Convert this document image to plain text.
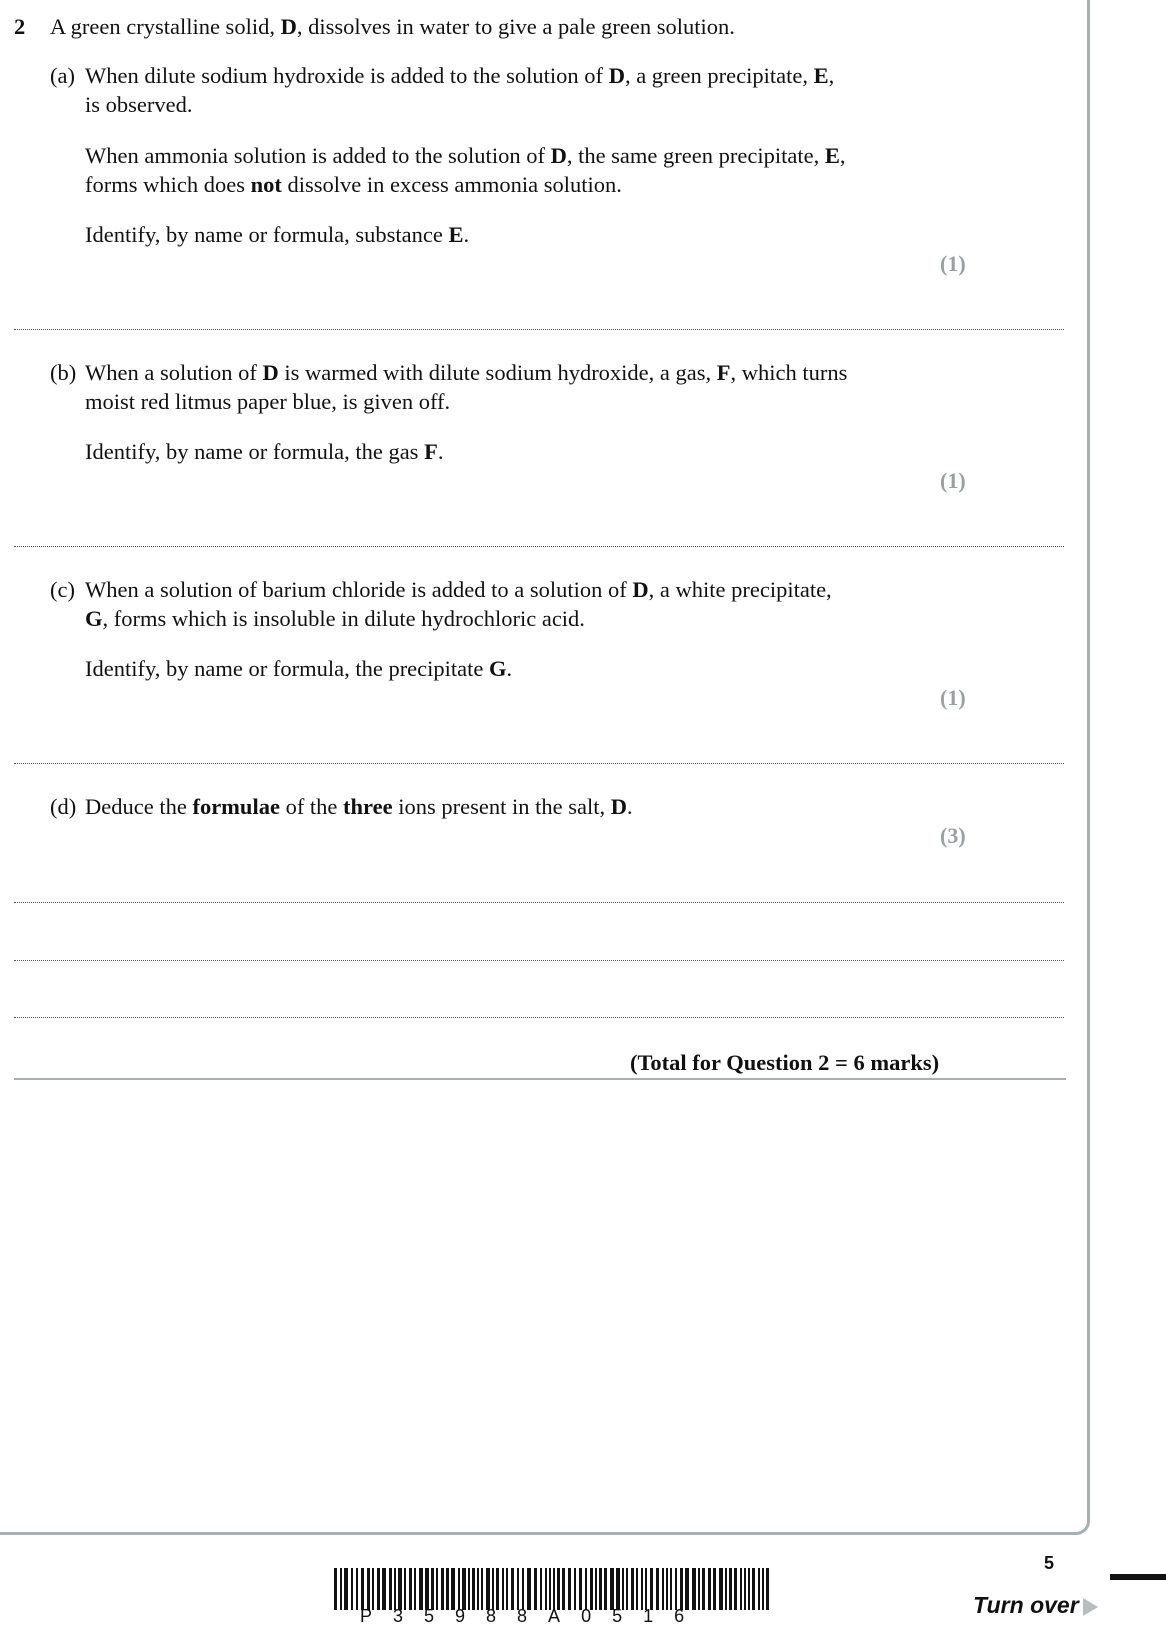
2 A green crystalline solid, D, dissolves in water to give a pale green solution.
(a) When dilute sodium hydroxide is added to the solution of D, a green precipitate, E,
is observed.
When ammonia solution is added to the solution of D, the same green precipitate, E,
forms which does not dissolve in excess ammonia solution.
Identify, by name or formula, substance E.
(1)
(b) When a solution of D is warmed with dilute sodium hydroxide, a gas, F, which turns
moist red litmus paper blue, is given off.
Identify, by name or formula, the gas F.
(1)
(c) When a solution of barium chloride is added to a solution of D, a white precipitate,
G, forms which is insoluble in dilute hydrochloric acid.
Identify, by name or formula, the precipitate G.
(1)
(d) Deduce the formulae of the three ions present in the salt, D.
(3)
(Total for Question 2 = 6 marks)
P35988A0516
5
Turn over
